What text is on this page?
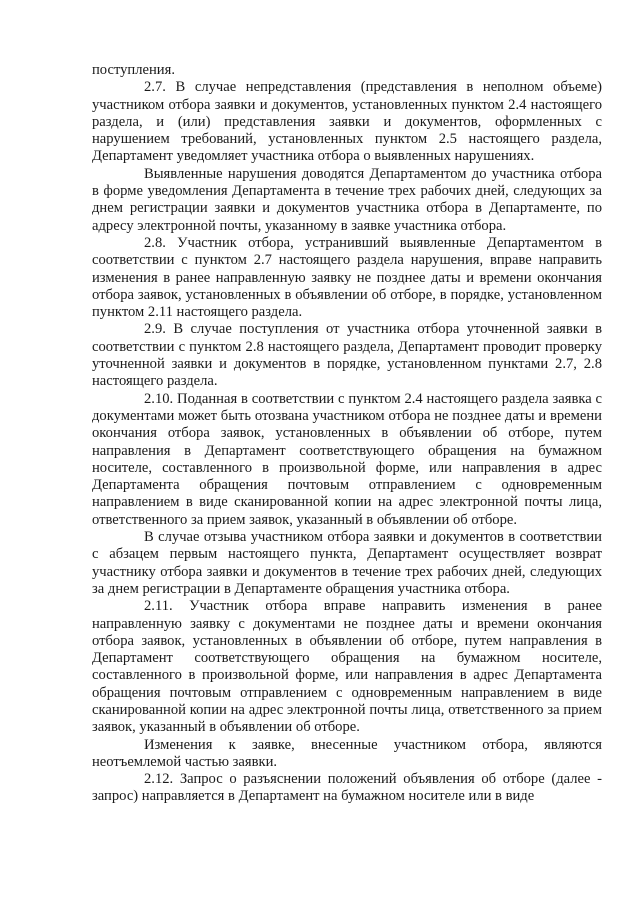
поступления.

2.7. В случае непредставления (представления в неполном объеме) участником отбора заявки и документов, установленных пунктом 2.4 настоящего раздела, и (или) представления заявки и документов, оформленных с нарушением требований, установленных пунктом 2.5 настоящего раздела, Департамент уведомляет участника отбора о выявленных нарушениях.

Выявленные нарушения доводятся Департаментом до участника отбора в форме уведомления Департамента в течение трех рабочих дней, следующих за днем регистрации заявки и документов участника отбора в Департаменте, по адресу электронной почты, указанному в заявке участника отбора.

2.8. Участник отбора, устранивший выявленные Департаментом в соответствии с пунктом 2.7 настоящего раздела нарушения, вправе направить изменения в ранее направленную заявку не позднее даты и времени окончания отбора заявок, установленных в объявлении об отборе, в порядке, установленном пунктом 2.11 настоящего раздела.

2.9. В случае поступления от участника отбора уточненной заявки в соответствии с пунктом 2.8 настоящего раздела, Департамент проводит проверку уточненной заявки и документов в порядке, установленном пунктами 2.7, 2.8 настоящего раздела.

2.10. Поданная в соответствии с пунктом 2.4 настоящего раздела заявка с документами может быть отозвана участником отбора не позднее даты и времени окончания отбора заявок, установленных в объявлении об отборе, путем направления в Департамент соответствующего обращения на бумажном носителе, составленного в произвольной форме, или направления в адрес Департамента обращения почтовым отправлением с одновременным направлением в виде сканированной копии на адрес электронной почты лица, ответственного за прием заявок, указанный в объявлении об отборе.

В случае отзыва участником отбора заявки и документов в соответствии с абзацем первым настоящего пункта, Департамент осуществляет возврат участнику отбора заявки и документов в течение трех рабочих дней, следующих за днем регистрации в Департаменте обращения участника отбора.

2.11. Участник отбора вправе направить изменения в ранее направленную заявку с документами не позднее даты и времени окончания отбора заявок, установленных в объявлении об отборе, путем направления в Департамент соответствующего обращения на бумажном носителе, составленного в произвольной форме, или направления в адрес Департамента обращения почтовым отправлением с одновременным направлением в виде сканированной копии на адрес электронной почты лица, ответственного за прием заявок, указанный в объявлении об отборе.

Изменения к заявке, внесенные участником отбора, являются неотъемлемой частью заявки.

2.12. Запрос о разъяснении положений объявления об отборе (далее - запрос) направляется в Департамент на бумажном носителе или в виде
